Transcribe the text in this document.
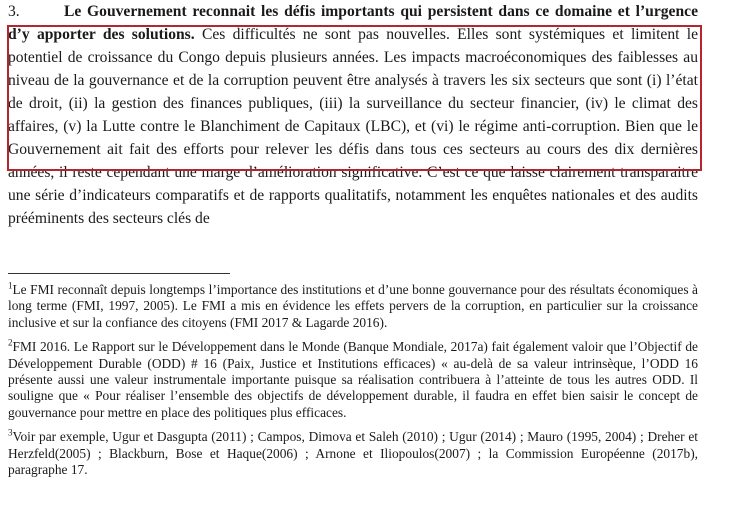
3.	Le Gouvernement reconnait les défis importants qui persistent dans ce domaine et l’urgence d’y apporter des solutions. Ces difficultés ne sont pas nouvelles. Elles sont systémiques et limitent le potentiel de croissance du Congo depuis plusieurs années. Les impacts macroéconomiques des faiblesses au niveau de la gouvernance et de la corruption peuvent être analysés à travers les six secteurs que sont (i) l’état de droit, (ii) la gestion des finances publiques, (iii) la surveillance du secteur financier, (iv) le climat des affaires, (v) la Lutte contre le Blanchiment de Capitaux (LBC), et (vi) le régime anti-corruption. Bien que le Gouvernement ait fait des efforts pour relever les défis dans tous ces secteurs au cours des dix dernières années, il reste cependant une marge d’amélioration significative. C’est ce que laisse clairement transparaitre une série d’indicateurs comparatifs et de rapports qualitatifs, notamment les enquêtes nationales et des audits prééminents des secteurs clés de

$^1$Le FMI reconnaît depuis longtemps l’importance des institutions et d’une bonne gouvernance pour des résultats économiques à long terme (FMI, 1997, 2005). Le FMI a mis en évidence les effets pervers de la corruption, en particulier sur la croissance inclusive et sur la confiance des citoyens (FMI 2017 & Lagarde 2016).

$^2$FMI 2016. Le Rapport sur le Développement dans le Monde (Banque Mondiale, 2017a) fait également valoir que l’Objectif de Développement Durable (ODD) # 16 (Paix, Justice et Institutions efficaces) « au-delà de sa valeur intrinsèque, l’ODD 16 présente aussi une valeur instrumentale importante puisque sa réalisation contribuera à l’atteinte de tous les autres ODD. Il souligne que « Pour réaliser l’ensemble des objectifs de développement durable, il faudra en effet bien saisir le concept de gouvernance pour mettre en place des politiques plus efficaces.

$^3$Voir par exemple, Ugur et Dasgupta (2011) ; Campos, Dimova et Saleh (2010) ; Ugur (2014) ; Mauro (1995, 2004) ; Dreher et Herzfeld(2005) ; Blackburn, Bose et Haque(2006) ; Arnone et Iliopoulos(2007) ; la Commission Européenne (2017b), paragraphe 17.
